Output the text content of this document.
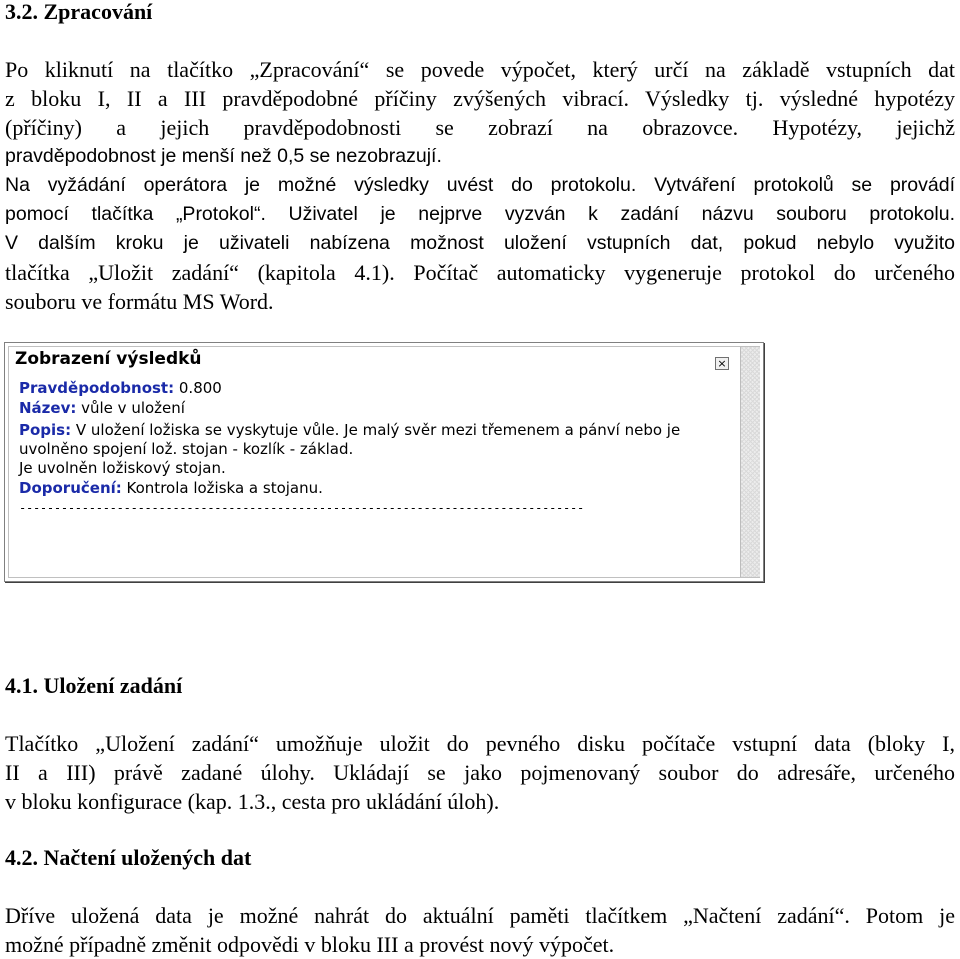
3.2. Zpracování
Po kliknutí na tlačítko „Zpracování“ se povede výpočet, který určí na základě vstupních dat
z bloku I, II a III pravděpodobné příčiny zvýšených vibrací. Výsledky tj. výsledné hypotézy
(příčiny) a jejich pravděpodobnosti se zobrazí na obrazovce. Hypotézy, jejichž
pravděpodobnost je menší než 0,5 se nezobrazují.
Na vyžádání operátora je možné výsledky uvést do protokolu. Vytváření protokolů se provádí
pomocí tlačítka „Protokol“. Uživatel je nejprve vyzván k zadání názvu souboru protokolu.
V dalším kroku je uživateli nabízena možnost uložení vstupních dat, pokud nebylo využito
tlačítka „Uložit zadání“ (kapitola 4.1). Počítač automaticky vygeneruje protokol do určeného
souboru ve formátu MS Word.
Zobrazení výsledků	×
Pravděpodobnost: 0.800
Název: vůle v uložení
Popis: V uložení ložiska se vyskytuje vůle. Je malý svěr mezi třemenem a pánví nebo je
uvolněno spojení lož. stojan - kozlík - základ.
Je uvolněn ložiskový stojan.
Doporučení: Kontrola ložiska a stojanu.
---------------------------------------------------------------------------------
4.1. Uložení zadání
Tlačítko „Uložení zadání“ umožňuje uložit do pevného disku počítače vstupní data (bloky I,
II a III) právě zadané úlohy. Ukládají se jako pojmenovaný soubor do adresáře, určeného
v bloku konfigurace (kap. 1.3., cesta pro ukládání úloh).
4.2. Načtení uložených dat
Dříve uložená data je možné nahrát do aktuální paměti tlačítkem „Načtení zadání“. Potom je
možné případně změnit odpovědi v bloku III a provést nový výpočet.
